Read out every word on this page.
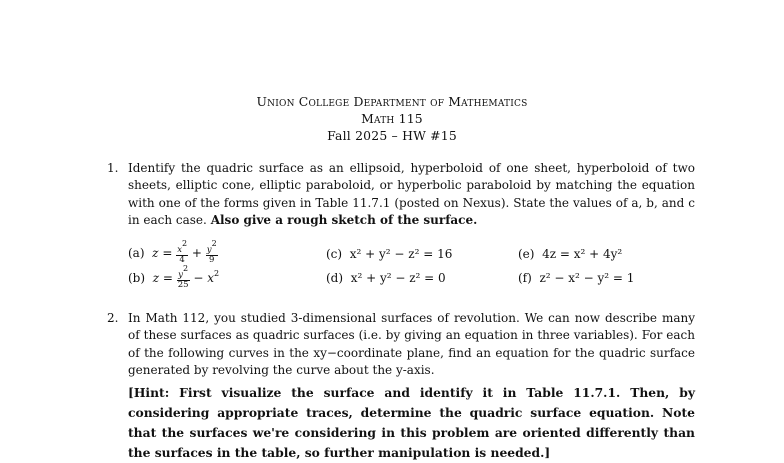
Union College Department of Mathematics
Math 115
Fall 2025 – HW #15
1. Identify the quadric surface as an ellipsoid, hyperboloid of one sheet, hyperboloid of two sheets, elliptic cone, elliptic paraboloid, or hyperbolic paraboloid by matching the equation with one of the forms given in Table 11.7.1 (posted on Nexus). State the values of a, b, and c in each case. Also give a rough sketch of the surface.
(a) $z = \frac{x^2}{4} + \frac{y^2}{9}$
(b) $z = \frac{y^2}{25} - x^2$
(c) x² + y² − z² = 16
(d) x² + y² − z² = 0
(e) 4z = x² + 4y²
(f) z² − x² − y² = 1
2. In Math 112, you studied 3-dimensional surfaces of revolution. We can now describe many of these surfaces as quadric surfaces (i.e. by giving an equation in three variables). For each of the following curves in the xy−coordinate plane, find an equation for the quadric surface generated by revolving the curve about the y-axis.
[Hint: First visualize the surface and identify it in Table 11.7.1. Then, by considering appropriate traces, determine the quadric surface equation. Note that the surfaces we're considering in this problem are oriented differently than the surfaces in the table, so further manipulation is needed.]
